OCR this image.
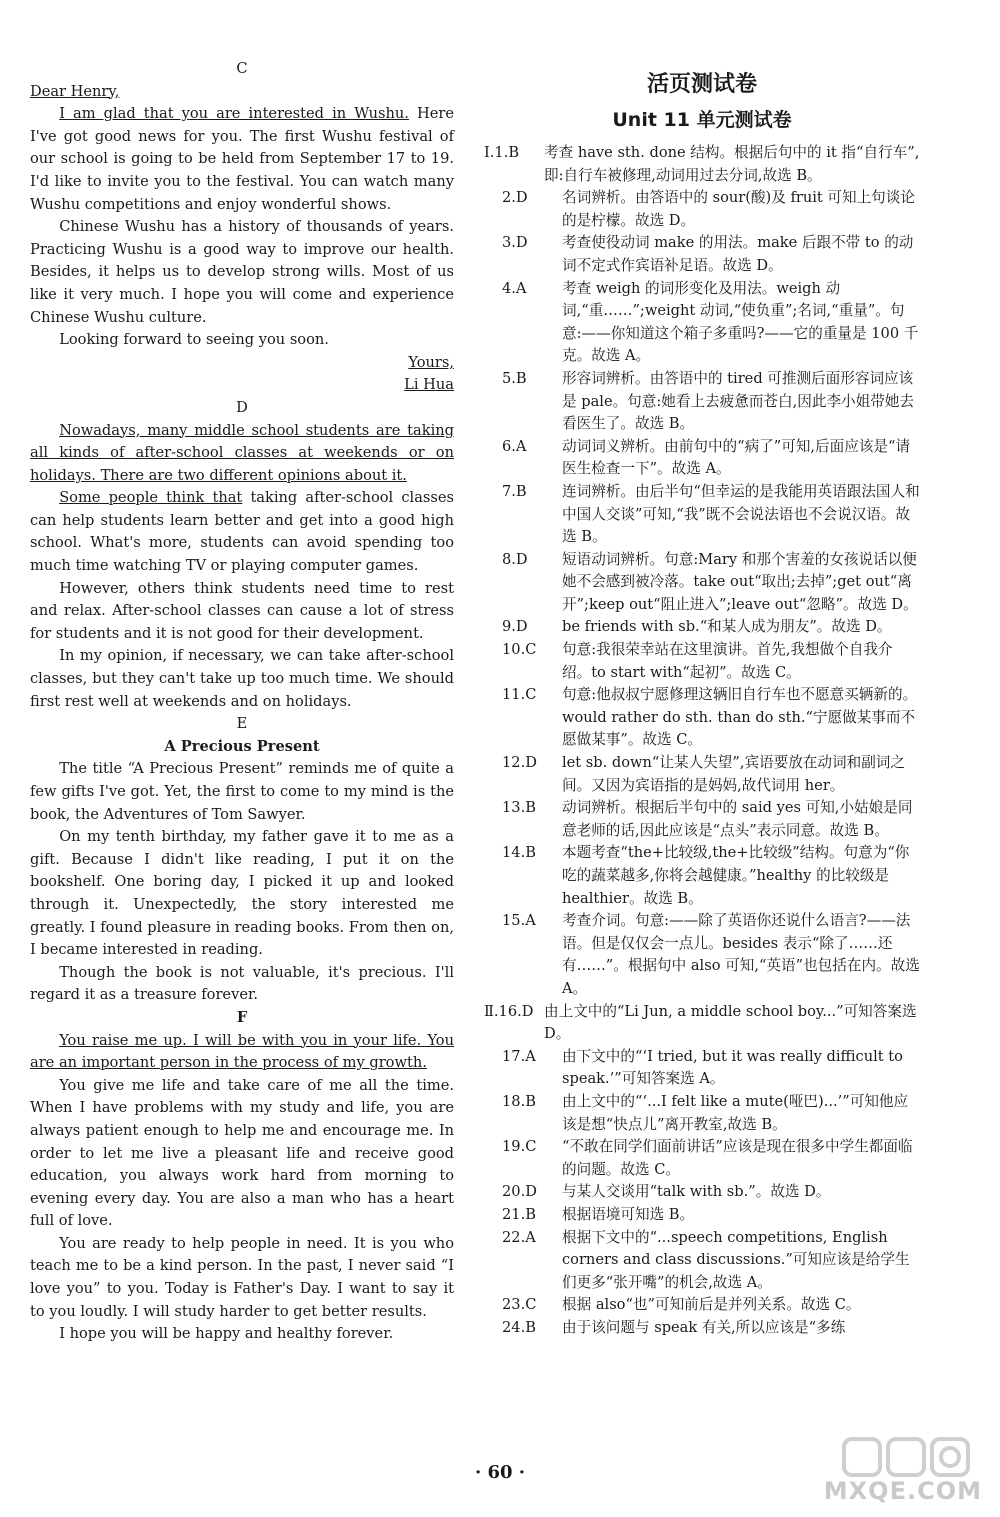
C

Dear Henry,

I am glad that you are interested in Wushu. Here I've got good news for you. The first Wushu festival of our school is going to be held from September 17 to 19. I'd like to invite you to the festival. You can watch many Wushu competitions and enjoy wonderful shows.

Chinese Wushu has a history of thousands of years. Practicing Wushu is a good way to improve our health. Besides, it helps us to develop strong wills. Most of us like it very much. I hope you will come and experience Chinese Wushu culture.

Looking forward to seeing you soon.

Yours,
Li Hua

D

Nowadays, many middle school students are taking all kinds of after-school classes at weekends or on holidays. There are two different opinions about it.

Some people think that taking after-school classes can help students learn better and get into a good high school. What's more, students can avoid spending too much time watching TV or playing computer games.

However, others think students need time to rest and relax. After-school classes can cause a lot of stress for students and it is not good for their development.

In my opinion, if necessary, we can take after-school classes, but they can't take up too much time. We should first rest well at weekends and on holidays.

E

A Precious Present

The title “A Precious Present” reminds me of quite a few gifts I've got. Yet, the first to come to my mind is the book, the Adventures of Tom Sawyer.

On my tenth birthday, my father gave it to me as a gift. Because I didn't like reading, I put it on the bookshelf. One boring day, I picked it up and looked through it. Unexpectedly, the story interested me greatly. I found pleasure in reading books. From then on, I became interested in reading.

Though the book is not valuable, it's precious. I'll regard it as a treasure forever.

F

You raise me up. I will be with you in your life. You are an important person in the process of my growth.

You give me life and take care of me all the time. When I have problems with my study and life, you are always patient enough to help me and encourage me. In order to let me live a pleasant life and receive good education, you always work hard from morning to evening every day. You are also a man who has a heart full of love.

You are ready to help people in need. It is you who teach me to be a kind person. In the past, I never said “I love you” to you. Today is Father's Day. I want to say it to you loudly. I will study harder to get better results.

I hope you will be happy and healthy forever.

活页测试卷

Unit 11 单元测试卷

Ⅰ.1.B	考查 have sth. done 结构。根据后句中的 it 指“自行车”,即:自行车被修理,动词用过去分词,故选 B。
2.D	名词辨析。由答语中的 sour(酸)及 fruit 可知上句谈论的是柠檬。故选 D。
3.D	考查使役动词 make 的用法。make 后跟不带 to 的动词不定式作宾语补足语。故选 D。
4.A	考查 weigh 的词形变化及用法。weigh 动词,“重……”;weight 动词,“使负重”;名词,“重量”。句意:——你知道这个箱子多重吗?——它的重量是 100 千克。故选 A。
5.B	形容词辨析。由答语中的 tired 可推测后面形容词应该是 pale。句意:她看上去疲惫而苍白,因此李小姐带她去看医生了。故选 B。
6.A	动词词义辨析。由前句中的“病了”可知,后面应该是“请医生检查一下”。故选 A。
7.B	连词辨析。由后半句“但幸运的是我能用英语跟法国人和中国人交谈”可知,“我”既不会说法语也不会说汉语。故选 B。
8.D	短语动词辨析。句意:Mary 和那个害羞的女孩说话以便她不会感到被冷落。take out“取出;去掉”;get out“离开”;keep out“阻止进入”;leave out“忽略”。故选 D。
9.D	be friends with sb.“和某人成为朋友”。故选 D。
10.C	句意:我很荣幸站在这里演讲。首先,我想做个自我介绍。to start with“起初”。故选 C。
11.C	句意:他叔叔宁愿修理这辆旧自行车也不愿意买辆新的。would rather do sth. than do sth.“宁愿做某事而不愿做某事”。故选 C。
12.D	let sb. down“让某人失望”,宾语要放在动词和副词之间。又因为宾语指的是妈妈,故代词用 her。
13.B	动词辨析。根据后半句中的 said yes 可知,小姑娘是同意老师的话,因此应该是“点头”表示同意。故选 B。
14.B	本题考查“the+比较级,the+比较级”结构。句意为“你吃的蔬菜越多,你将会越健康。”healthy 的比较级是 healthier。故选 B。
15.A	考查介词。句意:——除了英语你还说什么语言?——法语。但是仅仅会一点儿。besides 表示“除了……还有……”。根据句中 also 可知,“英语”也包括在内。故选 A。
Ⅱ.16.D 由上文中的“Li Jun, a middle school boy...”可知答案选 D。
17.A	由下文中的“‘I tried, but it was really difficult to speak.’”可知答案选 A。
18.B	由上文中的“‘...I felt like a mute(哑巴)...’”可知他应该是想“快点儿”离开教室,故选 B。
19.C	“不敢在同学们面前讲话”应该是现在很多中学生都面临的问题。故选 C。
20.D	与某人交谈用“talk with sb.”。故选 D。
21.B	根据语境可知选 B。
22.A	根据下文中的“...speech competitions, English corners and class discussions.”可知应该是给学生们更多“张开嘴”的机会,故选 A。
23.C	根据 also“也”可知前后是并列关系。故选 C。
24.B	由于该问题与 speak 有关,所以应该是“多练
· 60 ·
MXQE.COM
